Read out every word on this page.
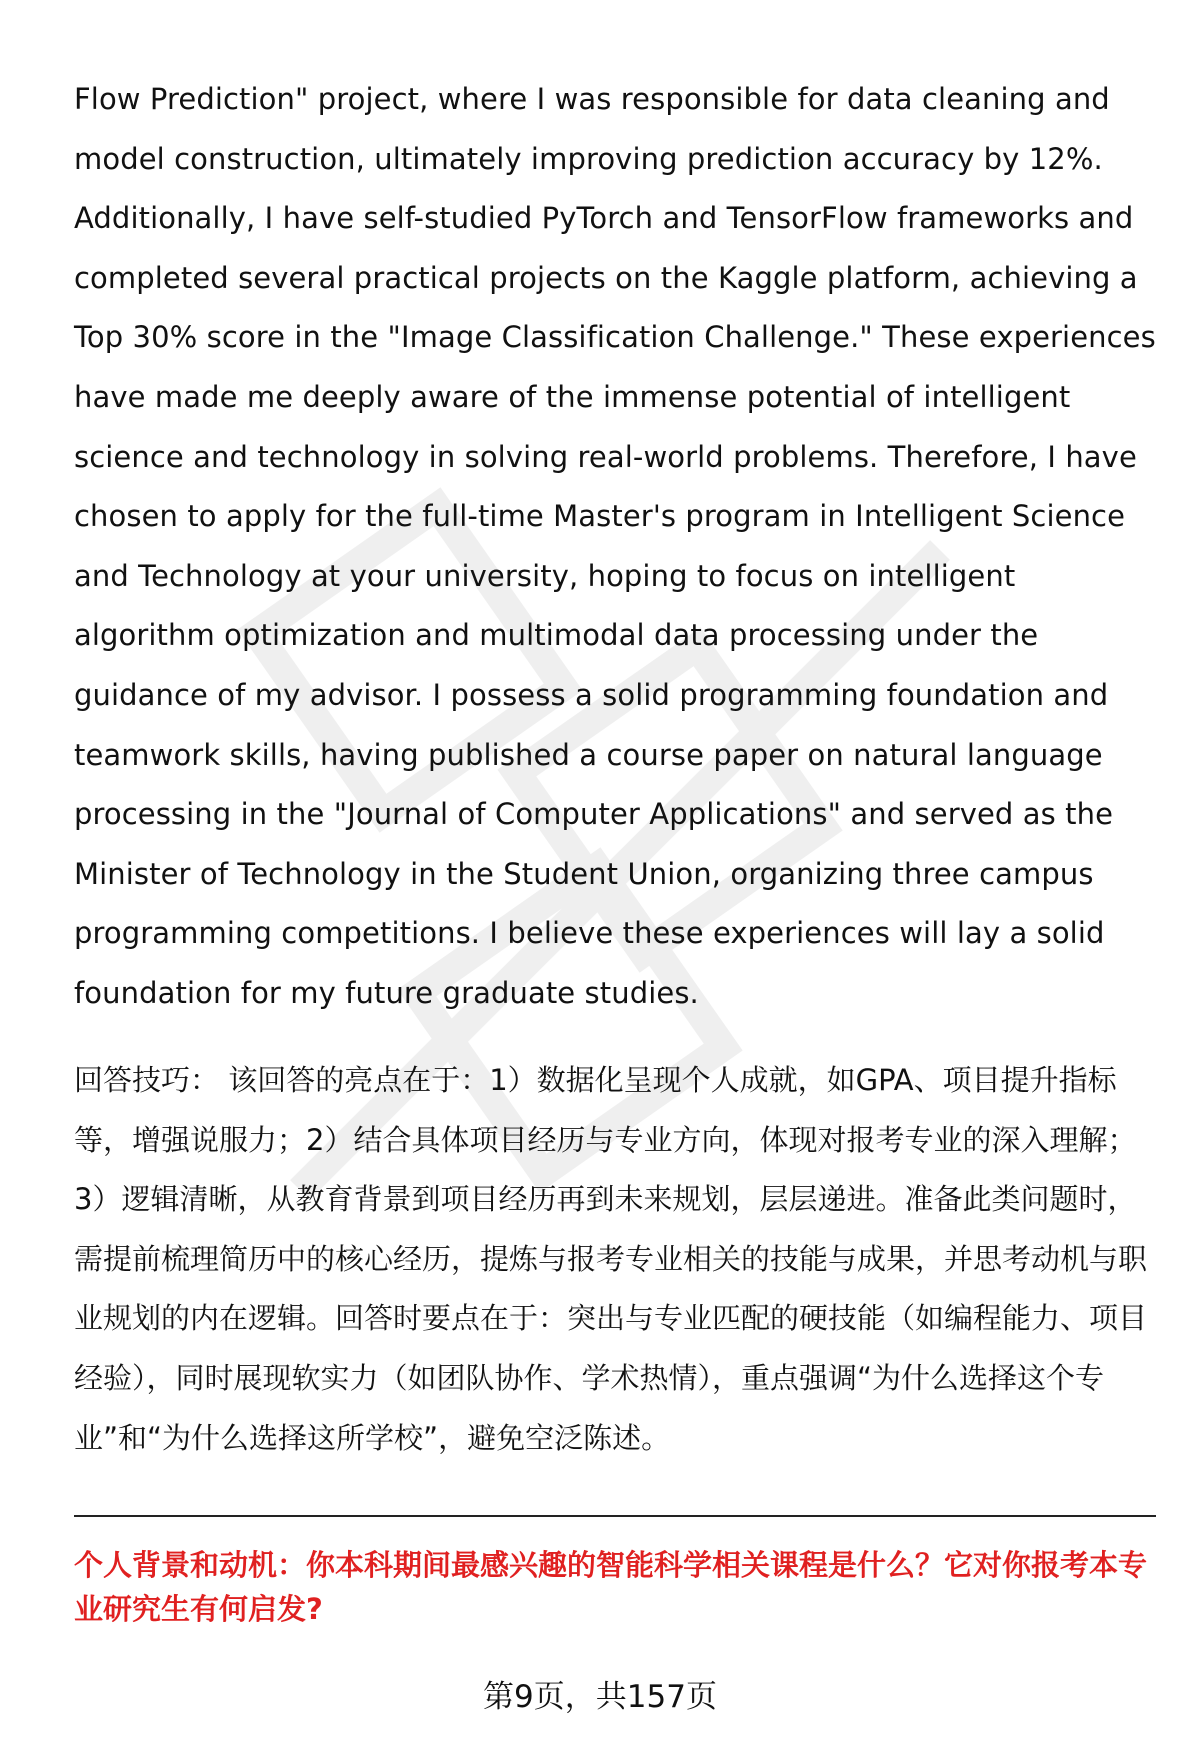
Flow Prediction" project, where I was responsible for data cleaning and model construction, ultimately improving prediction accuracy by 12%. Additionally, I have self-studied PyTorch and TensorFlow frameworks and completed several practical projects on the Kaggle platform, achieving a Top 30% score in the "Image Classification Challenge." These experiences have made me deeply aware of the immense potential of intelligent science and technology in solving real-world problems. Therefore, I have chosen to apply for the full-time Master's program in Intelligent Science and Technology at your university, hoping to focus on intelligent algorithm optimization and multimodal data processing under the guidance of my advisor. I possess a solid programming foundation and teamwork skills, having published a course paper on natural language processing in the "Journal of Computer Applications" and served as the Minister of Technology in the Student Union, organizing three campus programming competitions. I believe these experiences will lay a solid foundation for my future graduate studies.

回答技巧： 该回答的亮点在于：1）数据化呈现个人成就，如GPA、项目提升指标等，增强说服力；2）结合具体项目经历与专业方向，体现对报考专业的深入理解；3）逻辑清晰，从教育背景到项目经历再到未来规划，层层递进。准备此类问题时，需提前梳理简历中的核心经历，提炼与报考专业相关的技能与成果，并思考动机与职业规划的内在逻辑。回答时要点在于：突出与专业匹配的硬技能（如编程能力、项目经验），同时展现软实力（如团队协作、学术热情），重点强调“为什么选择这个专业”和“为什么选择这所学校”，避免空泛陈述。
个人背景和动机：你本科期间最感兴趣的智能科学相关课程是什么？它对你报考本专业研究生有何启发?
第9页，共157页
